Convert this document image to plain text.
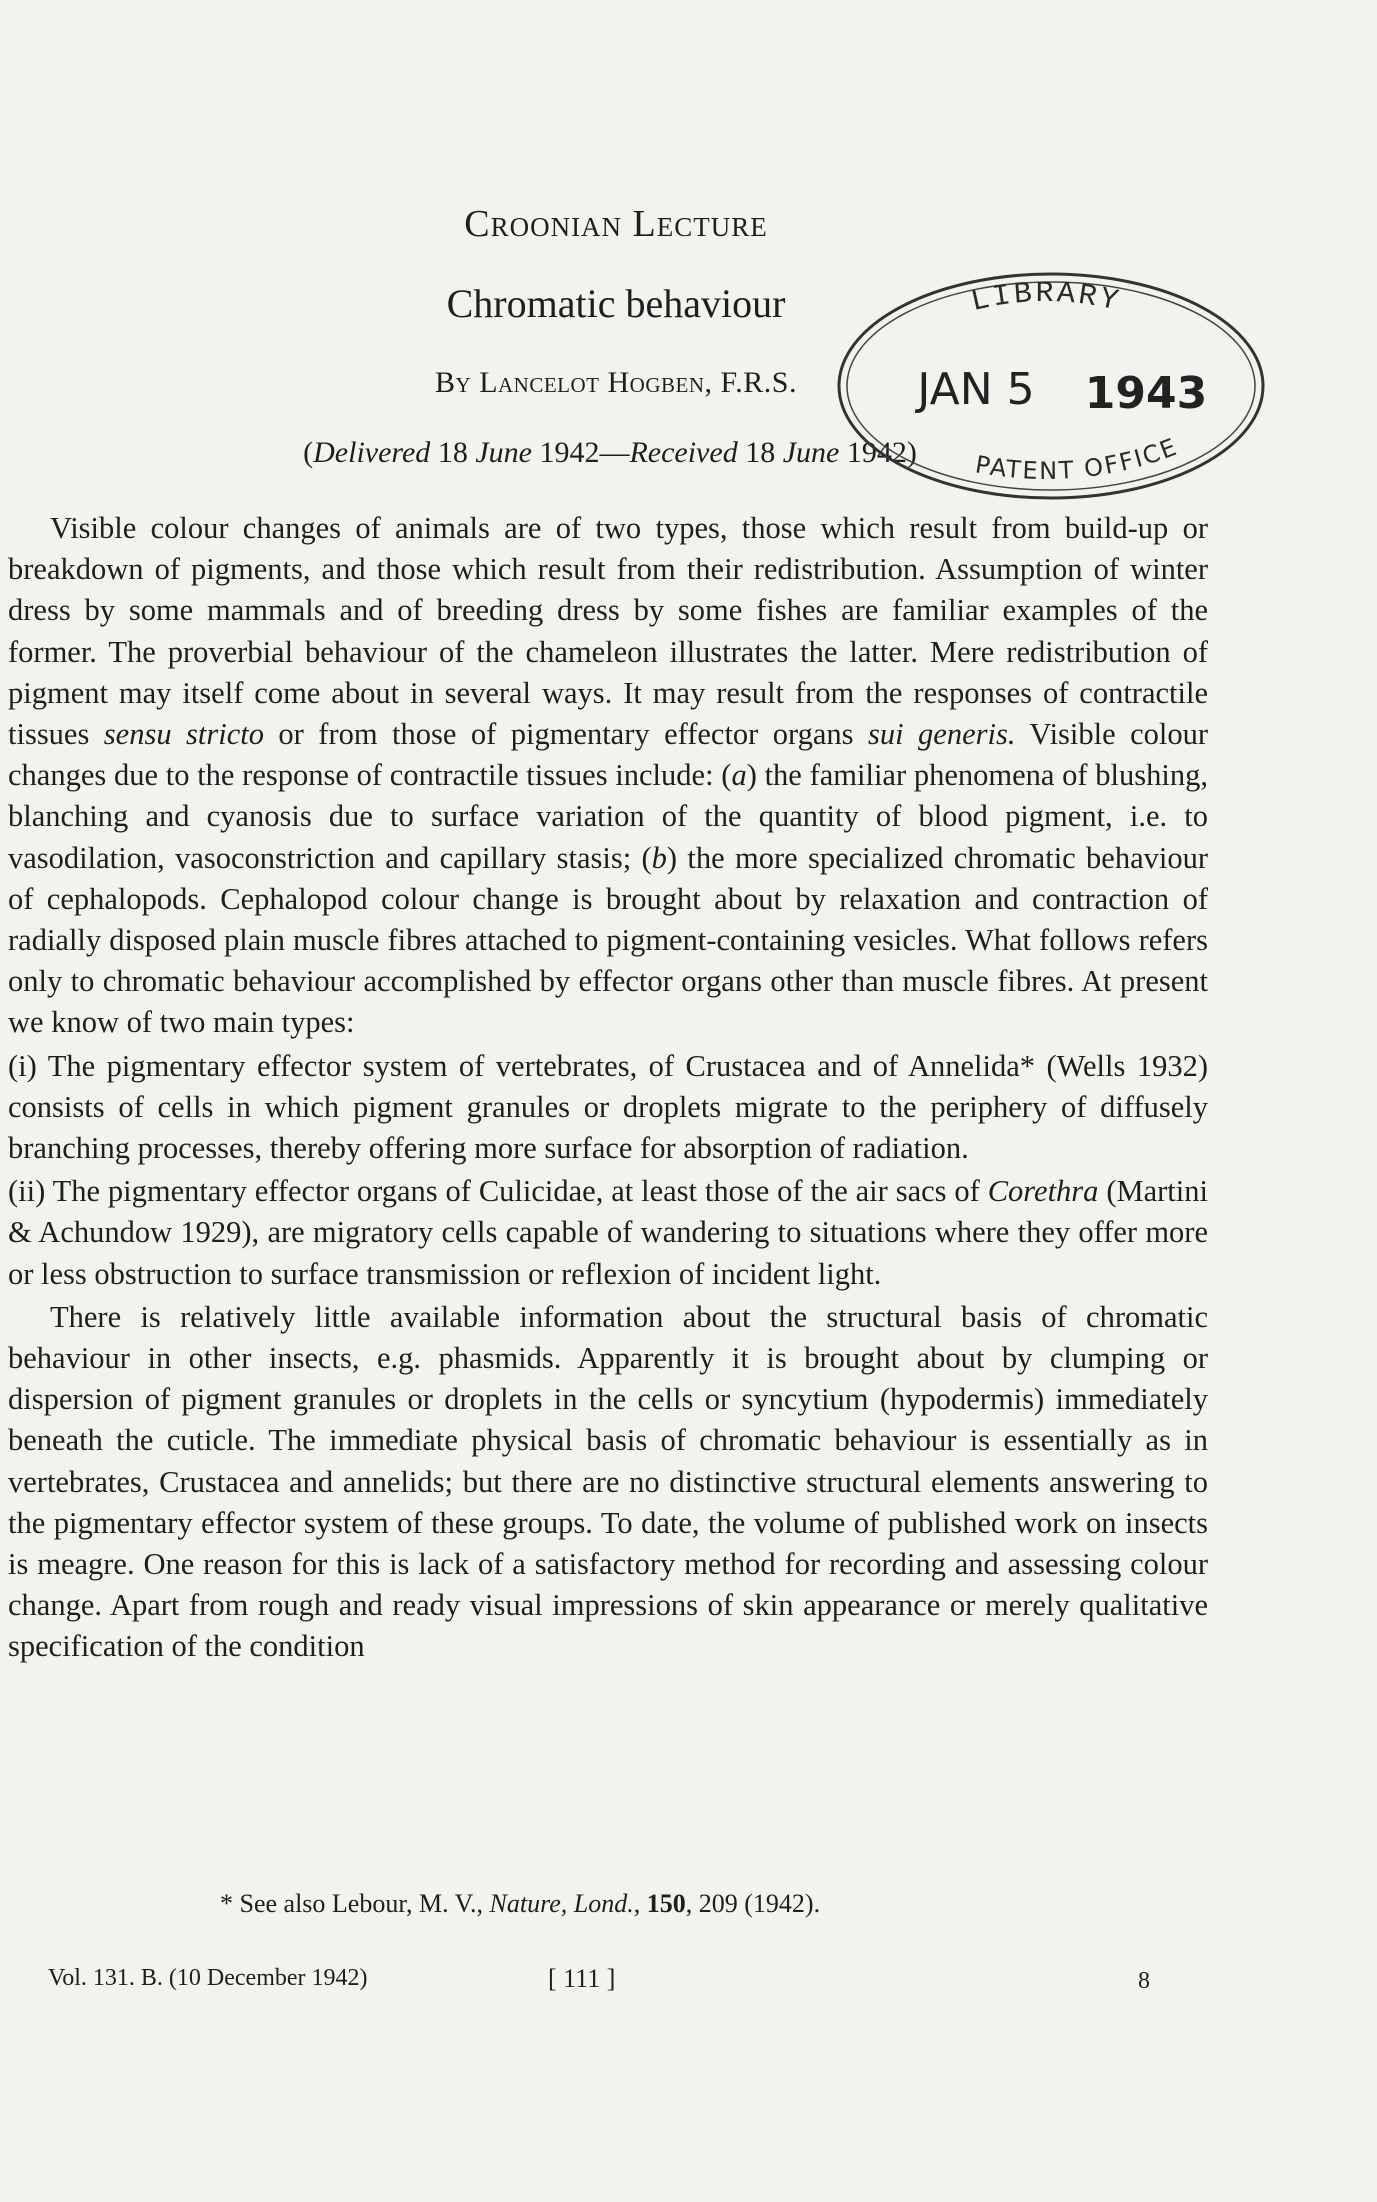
Croonian Lecture
Chromatic behaviour
By Lancelot Hogben, F.R.S.
(Delivered 18 June 1942—Received 18 June 1942)
LIBRARY
JAN 5 1943
PATENT OFFICE

Visible colour changes of animals are of two types, those which result from build-up or breakdown of pigments, and those which result from their redistribution. Assumption of winter dress by some mammals and of breeding dress by some fishes are familiar examples of the former. The proverbial behaviour of the chameleon illustrates the latter. Mere redistribution of pigment may itself come about in several ways. It may result from the responses of contractile tissues sensu stricto or from those of pigmentary effector organs sui generis. Visible colour changes due to the response of contractile tissues include: (a) the familiar phenomena of blushing, blanching and cyanosis due to surface variation of the quantity of blood pigment, i.e. to vasodilation, vasoconstriction and capillary stasis; (b) the more specialized chromatic behaviour of cephalopods. Cephalopod colour change is brought about by relaxation and contraction of radially disposed plain muscle fibres attached to pigment-containing vesicles. What follows refers only to chromatic behaviour accomplished by effector organs other than muscle fibres. At present we know of two main types:

(i) The pigmentary effector system of vertebrates, of Crustacea and of Annelida* (Wells 1932) consists of cells in which pigment granules or droplets migrate to the periphery of diffusely branching processes, thereby offering more surface for absorption of radiation.

(ii) The pigmentary effector organs of Culicidae, at least those of the air sacs of Corethra (Martini & Achundow 1929), are migratory cells capable of wandering to situations where they offer more or less obstruction to surface transmission or reflexion of incident light.

There is relatively little available information about the structural basis of chromatic behaviour in other insects, e.g. phasmids. Apparently it is brought about by clumping or dispersion of pigment granules or droplets in the cells or syncytium (hypodermis) immediately beneath the cuticle. The immediate physical basis of chromatic behaviour is essentially as in vertebrates, Crustacea and annelids; but there are no distinctive structural elements answering to the pigmentary effector system of these groups. To date, the volume of published work on insects is meagre. One reason for this is lack of a satisfactory method for recording and assessing colour change. Apart from rough and ready visual impressions of skin appearance or merely qualitative specification of the condition

* See also Lebour, M. V., Nature, Lond., 150, 209 (1942).
Vol. 131. B. (10 December 1942)	[ 111 ]	8
